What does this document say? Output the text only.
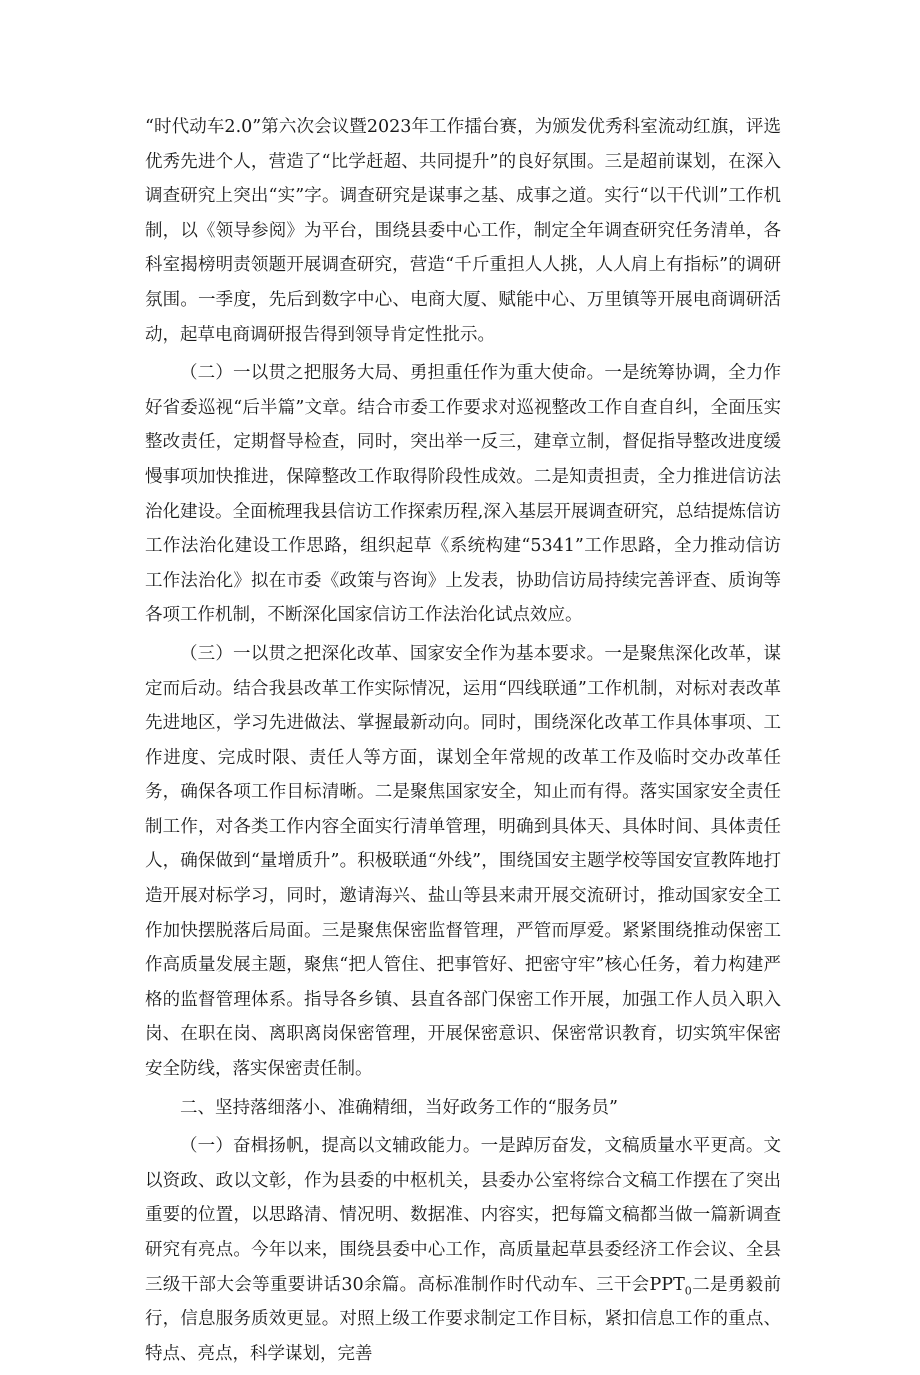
“时代动车2.0”第六次会议暨2023年工作擂台赛，为颁发优秀科室流动红旗，评选优秀先进个人，营造了“比学赶超、共同提升”的良好氛围。三是超前谋划，在深入调查研究上突出“实”字。调查研究是谋事之基、成事之道。实行“以干代训”工作机制，以《领导参阅》为平台，围绕县委中心工作，制定全年调查研究任务清单，各科室揭榜明责领题开展调查研究，营造“千斤重担人人挑，人人肩上有指标”的调研氛围。一季度，先后到数字中心、电商大厦、赋能中心、万里镇等开展电商调研活动，起草电商调研报告得到领导肯定性批示。

（二）一以贯之把服务大局、勇担重任作为重大使命。一是统筹协调，全力作好省委巡视“后半篇”文章。结合市委工作要求对巡视整改工作自查自纠，全面压实整改责任，定期督导检查，同时，突出举一反三，建章立制，督促指导整改进度缓慢事项加快推进，保障整改工作取得阶段性成效。二是知责担责，全力推进信访法治化建设。全面梳理我县信访工作探索历程,深入基层开展调查研究，总结提炼信访工作法治化建设工作思路，组织起草《系统构建“5341”工作思路，全力推动信访工作法治化》拟在市委《政策与咨询》上发表，协助信访局持续完善评查、质询等各项工作机制，不断深化国家信访工作法治化试点效应。

（三）一以贯之把深化改革、国家安全作为基本要求。一是聚焦深化改革，谋定而后动。结合我县改革工作实际情况，运用“四线联通”工作机制，对标对表改革先进地区，学习先进做法、掌握最新动向。同时，围绕深化改革工作具体事项、工作进度、完成时限、责任人等方面，谋划全年常规的改革工作及临时交办改革任务，确保各项工作目标清晰。二是聚焦国家安全，知止而有得。落实国家安全责任制工作，对各类工作内容全面实行清单管理，明确到具体天、具体时间、具体责任人，确保做到“量增质升”。积极联通“外线”，围绕国安主题学校等国安宣教阵地打造开展对标学习，同时，邀请海兴、盐山等县来肃开展交流研讨，推动国家安全工作加快摆脱落后局面。三是聚焦保密监督管理，严管而厚爱。紧紧围绕推动保密工作高质量发展主题，聚焦“把人管住、把事管好、把密守牢”核心任务，着力构建严格的监督管理体系。指导各乡镇、县直各部门保密工作开展，加强工作人员入职入岗、在职在岗、离职离岗保密管理，开展保密意识、保密常识教育，切实筑牢保密安全防线，落实保密责任制。

二、坚持落细落小、准确精细，当好政务工作的“服务员”

（一）奋楫扬帆，提高以文辅政能力。一是踔厉奋发，文稿质量水平更高。文以资政、政以文彰，作为县委的中枢机关，县委办公室将综合文稿工作摆在了突出重要的位置，以思路清、情况明、数据准、内容实，把每篇文稿都当做一篇新调查研究有亮点。今年以来，围绕县委中心工作，高质量起草县委经济工作会议、全县三级干部大会等重要讲话30余篇。高标准制作时代动车、三干会$PPT_0$二是勇毅前行，信息服务质效更显。对照上级工作要求制定工作目标，紧扣信息工作的重点、特点、亮点，科学谋划，完善
